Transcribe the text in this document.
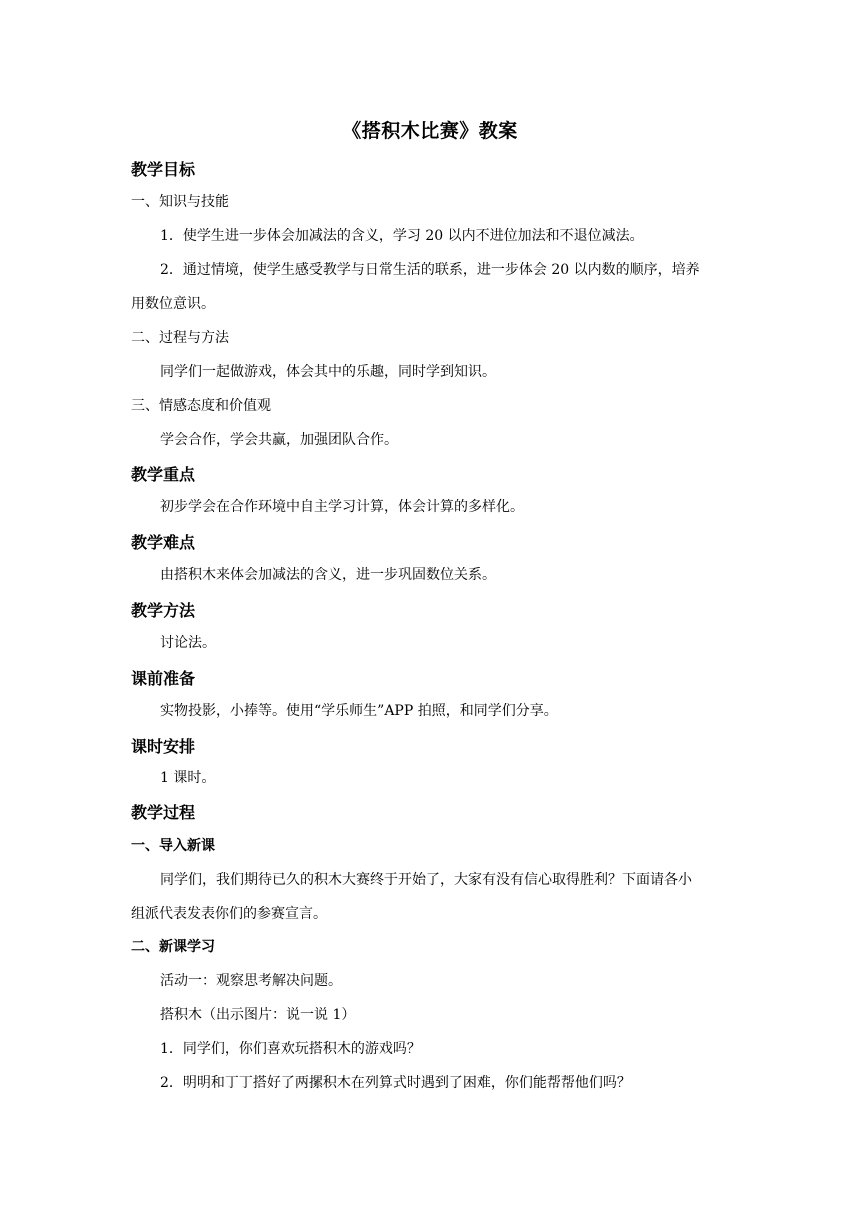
《搭积木比赛》教案
教学目标
一、知识与技能
1．使学生进一步体会加减法的含义，学习 20 以内不进位加法和不退位减法。
2．通过情境，使学生感受教学与日常生活的联系，进一步体会 20 以内数的顺序，培养
用数位意识。
二、过程与方法
同学们一起做游戏，体会其中的乐趣，同时学到知识。
三、情感态度和价值观
学会合作，学会共赢，加强团队合作。
教学重点
初步学会在合作环境中自主学习计算，体会计算的多样化。
教学难点
由搭积木来体会加减法的含义，进一步巩固数位关系。
教学方法
讨论法。
课前准备
实物投影，小捧等。使用“学乐师生”APP 拍照，和同学们分享。
课时安排
1 课时。
教学过程
一、导入新课
同学们，我们期待已久的积木大赛终于开始了，大家有没有信心取得胜利？下面请各小
组派代表发表你们的参赛宣言。
二、新课学习
活动一：观察思考解决问题。
搭积木（出示图片：说一说 1）
1．同学们，你们喜欢玩搭积木的游戏吗？
2．明明和丁丁搭好了两摞积木在列算式时遇到了困难，你们能帮帮他们吗？
